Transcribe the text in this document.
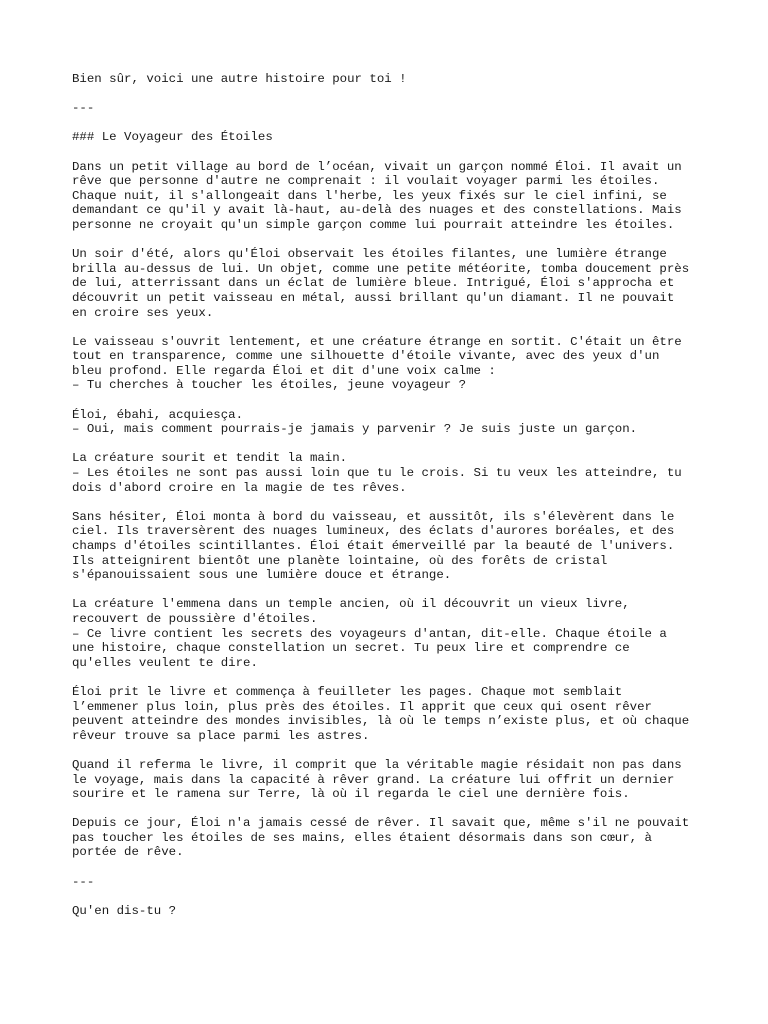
Bien sûr, voici une autre histoire pour toi !

---

### Le Voyageur des Étoiles

Dans un petit village au bord de l’océan, vivait un garçon nommé Éloi. Il avait un
rêve que personne d'autre ne comprenait : il voulait voyager parmi les étoiles.
Chaque nuit, il s'allongeait dans l'herbe, les yeux fixés sur le ciel infini, se
demandant ce qu'il y avait là-haut, au-delà des nuages et des constellations. Mais
personne ne croyait qu'un simple garçon comme lui pourrait atteindre les étoiles.

Un soir d'été, alors qu'Éloi observait les étoiles filantes, une lumière étrange
brilla au-dessus de lui. Un objet, comme une petite météorite, tomba doucement près
de lui, atterrissant dans un éclat de lumière bleue. Intrigué, Éloi s'approcha et
découvrit un petit vaisseau en métal, aussi brillant qu'un diamant. Il ne pouvait
en croire ses yeux.

Le vaisseau s'ouvrit lentement, et une créature étrange en sortit. C'était un être
tout en transparence, comme une silhouette d'étoile vivante, avec des yeux d'un
bleu profond. Elle regarda Éloi et dit d'une voix calme :
– Tu cherches à toucher les étoiles, jeune voyageur ?

Éloi, ébahi, acquiesça.
– Oui, mais comment pourrais-je jamais y parvenir ? Je suis juste un garçon.

La créature sourit et tendit la main.
– Les étoiles ne sont pas aussi loin que tu le crois. Si tu veux les atteindre, tu
dois d'abord croire en la magie de tes rêves.

Sans hésiter, Éloi monta à bord du vaisseau, et aussitôt, ils s'élevèrent dans le
ciel. Ils traversèrent des nuages lumineux, des éclats d'aurores boréales, et des
champs d'étoiles scintillantes. Éloi était émerveillé par la beauté de l'univers.
Ils atteignirent bientôt une planète lointaine, où des forêts de cristal
s'épanouissaient sous une lumière douce et étrange.

La créature l'emmena dans un temple ancien, où il découvrit un vieux livre,
recouvert de poussière d'étoiles.
– Ce livre contient les secrets des voyageurs d'antan, dit-elle. Chaque étoile a
une histoire, chaque constellation un secret. Tu peux lire et comprendre ce
qu'elles veulent te dire.

Éloi prit le livre et commença à feuilleter les pages. Chaque mot semblait
l’emmener plus loin, plus près des étoiles. Il apprit que ceux qui osent rêver
peuvent atteindre des mondes invisibles, là où le temps n’existe plus, et où chaque
rêveur trouve sa place parmi les astres.

Quand il referma le livre, il comprit que la véritable magie résidait non pas dans
le voyage, mais dans la capacité à rêver grand. La créature lui offrit un dernier
sourire et le ramena sur Terre, là où il regarda le ciel une dernière fois.

Depuis ce jour, Éloi n'a jamais cessé de rêver. Il savait que, même s'il ne pouvait
pas toucher les étoiles de ses mains, elles étaient désormais dans son cœur, à
portée de rêve.

---

Qu'en dis-tu ?
